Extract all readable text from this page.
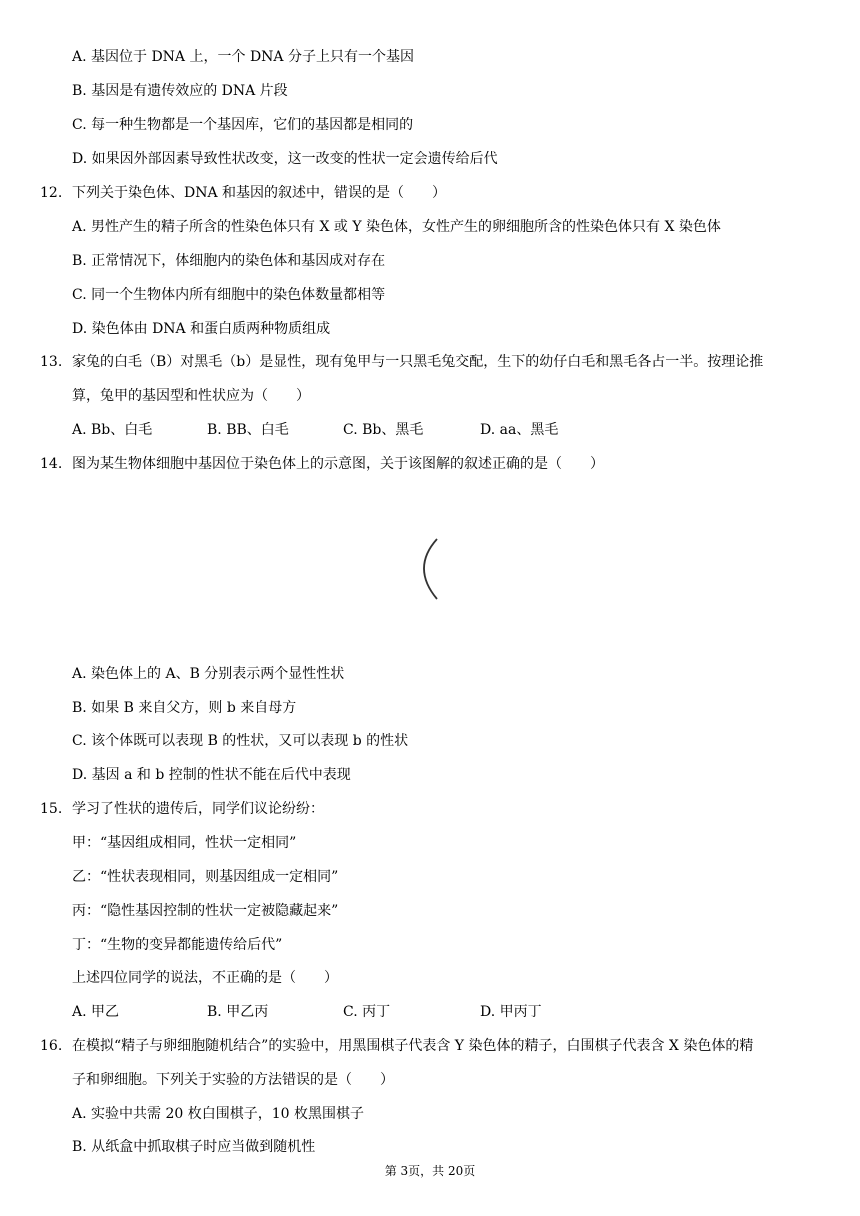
A. 基因位于 DNA 上，一个 DNA 分子上只有一个基因
B. 基因是有遗传效应的 DNA 片段
C. 每一种生物都是一个基因库，它们的基因都是相同的
D. 如果因外部因素导致性状改变，这一改变的性状一定会遗传给后代
12. 下列关于染色体、DNA 和基因的叙述中，错误的是（　　）
A. 男性产生的精子所含的性染色体只有 X 或 Y 染色体，女性产生的卵细胞所含的性染色体只有 X 染色体
B. 正常情况下，体细胞内的染色体和基因成对存在
C. 同一个生物体内所有细胞中的染色体数量都相等
D. 染色体由 DNA 和蛋白质两种物质组成
13. 家兔的白毛（B）对黑毛（b）是显性，现有兔甲与一只黑毛兔交配，生下的幼仔白毛和黑毛各占一半。按理论推
算，兔甲的基因型和性状应为（　　）
A. Bb、白毛	B. BB、白毛	C. Bb、黑毛	D. aa、黑毛
14. 图为某生物体细胞中基因位于染色体上的示意图，关于该图解的叙述正确的是（　　）
A. 染色体上的 A、B 分别表示两个显性性状
B. 如果 B 来自父方，则 b 来自母方
C. 该个体既可以表现 B 的性状，又可以表现 b 的性状
D. 基因 a 和 b 控制的性状不能在后代中表现
15. 学习了性状的遗传后，同学们议论纷纷：
甲：“基因组成相同，性状一定相同”
乙：“性状表现相同，则基因组成一定相同”
丙：“隐性基因控制的性状一定被隐藏起来”
丁：“生物的变异都能遗传给后代”
上述四位同学的说法，不正确的是（　　）
A. 甲乙	B. 甲乙丙	C. 丙丁	D. 甲丙丁
16. 在模拟“精子与卵细胞随机结合”的实验中，用黑围棋子代表含 Y 染色体的精子，白围棋子代表含 X 染色体的精
子和卵细胞。下列关于实验的方法错误的是（　　）
A. 实验中共需 20 枚白围棋子，10 枚黑围棋子
B. 从纸盒中抓取棋子时应当做到随机性
第 3页，共 20页
